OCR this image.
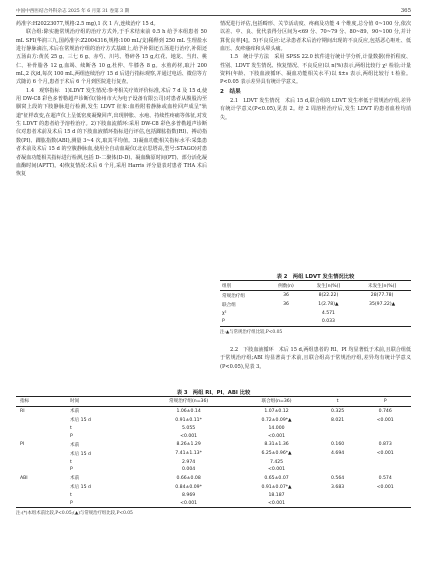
中国中西医结合外科杂志 2025 年 6 月第 31 卷第 3 期	365

药准字:H20223077,规格:2.5 mg),1 次 1 片,连续治疗 15 d。

联合组:除实施常规治疗组的治疗方式外,于手术结束前 0.5 h 给予本组患者 50 mL SFI(华润三九,国药准字:Z2004316,规格:100 mL/支)稀释到 250 mL 生理盐水进行静脉滴注,术后在常规治疗组的治疗方式基础上,给予补阳还五汤进行治疗,补阳还五汤由方:黄芪 25 g、三七 6 g、赤芍、川芎、脊碎各 15 g,红花、地龙、当归、桃仁、补骨脂各 12 g,血竭、续断各 10 g,杜仲、牛膝各 8 g。水煎药材,取汁 200 mL,2 次/d,每次 100 mL,两组连续治疗 15 d 后进行指标观察,并通过电话、微信等方式随访 6 个月,患者于术后 6 个月到医院进行复查。

1.4　观察指标　1)LDVT 发生情况:参考相关疗效评价标准,术后 7 d 及 15 d,使用 DW-C8 彩色多普勒超声诊断仪(徐州市大为电子设备有限公司)对患者从腹股沟至腘窝上段的下肢静脉进行检测,发生 LDVT 征象:血栓附着静脉或血栓回声成呈"轨道"征样改变,在超声仪上呈低密度凝聚回声,出现肿胀、水疱、持续性疼痛等体征,对发生 LDVT 的患者给予溶栓治疗。2)下肢血流循环:采用 DW-C8 彩色多普勒超声诊断仪对患者术前及术后 15 d 的下肢血液循环指标进行评估,包括踝肱指数(RI)、搏动指数(PI)、踝肱指数(ABI),测量 3~4 次,取其平均值。3)凝血功能相关指标水平:采集患者术前及术后 15 d 的空腹静脉血,使用全自动血凝仪(北京思塔高,型号:STAGO)对患者凝血功能相关指标进行检测,包括 D-二聚体(D-D)、凝血酶原时间(PT)、部分活化凝血酶时间(APTT)。4)恢复情况:术后 6 个月,采用 Harris 评分量表对患者 THA 术后恢复

情况进行评估,包括畸形、关节活动度、疼痛及功能 4 个维度,总分值 0~100 分,依次以差、中、良、优代表得分区间为<69 分、70~79 分、80~89、90~100 分,并计算优良率[4]。5)不良反应:记录患者术后治疗期间出现的不良反应,包括恶心呕吐、低血压、皮疹瘙痒和头晕头痛。

1.5　统计学方法　采用 SPSS 22.0 软件进行统计学分析,计量数据(骨折程度、性别、LDVT 发生情况、恢复情况、不良反应)以 n(%)表示,两组比较行 χ² 检验;计量资料(年龄、下肢血液循环、凝血功能相关水平)以 x̄±s 表示,两组比较行 t 检验。P<0.05 表示差异具有统计学意义。

2　结果

2.1　LDVT 发生情况　术后 15 d,联合组的 LDVT 发生率低于常规治疗组,差异有统计学意义(P<0.05),见表 2。经 2 周溶栓治疗后,发生 LDVT 的患者血栓均消失。

表 2　两组 LDVT 发生情况比较
组别	例数(n)	发生[n(%)]	未发生[n(%)]
常规治疗组	36	8(22.22)	28(77.78)
联合组	36	1(2.78)▲	35(97.22)▲
χ²		4.571	
P		0.033	
注:▲与常规治疗组比较,P<0.05

2.2　下肢血液循环　术后 15 d,两组患者的 RI、PI 均显著低于术前,且联合组低于常规治疗组;ABI 均显著高于术前,且联合组高于常规治疗组,差异均有统计学意义(P<0.05),见表 3。

表 3　两组 RI、PI、ABI 比较
指标	时间	常规治疗组(n=36)	联合组(n=36)	t	P
RI	术前	1.06±0.14	1.07±0.12	0.325	0.746
	术后 15 d	0.91±0.11*	0.72±0.09*▲	8.021	<0.001
	t	5.055	14.000		
	P	<0.001	<0.001		
PI	术前	8.26±1.29	8.31±1.36	0.160	0.873
	术后 15 d	7.41±1.13*	6.25±0.96*▲	4.694	<0.001
	t	2.974	7.425		
	P	0.004	<0.001		
ABI	术前	0.66±0.08	0.65±0.07	0.564	0.574
	术后 15 d	0.84±0.09*	0.91±0.07*▲	3.683	<0.001
	t	8.969	18.187		
	P	<0.001	<0.001		
注:(*)本组术前比较,P<0.05;(▲)与常规治疗组比较,P<0.05
